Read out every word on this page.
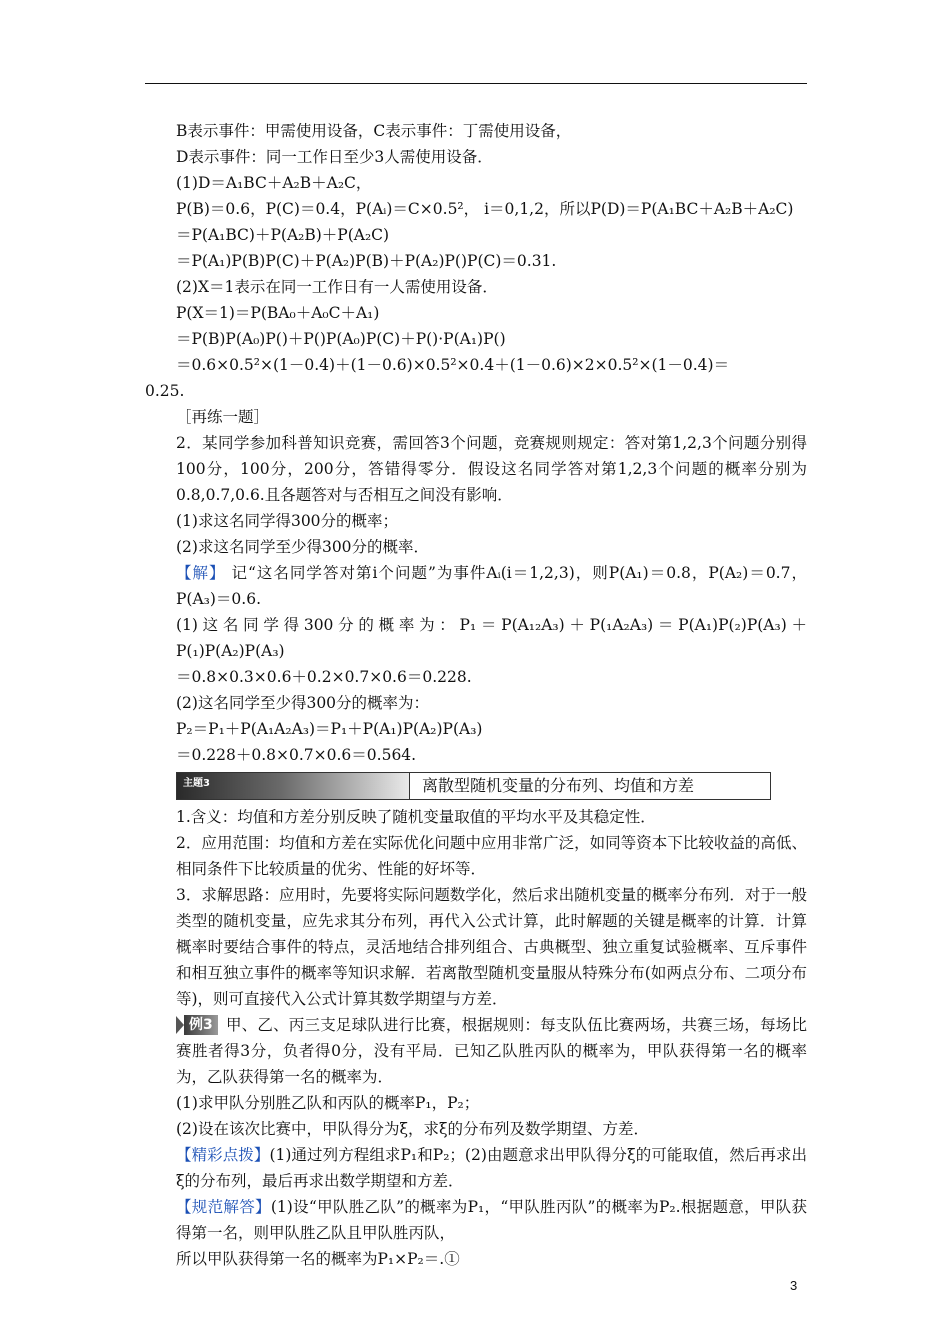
B表示事件：甲需使用设备，C表示事件：丁需使用设备，
D表示事件：同一工作日至少3人需使用设备．
(1)D＝A₁BC＋A₂B＋A₂C，
P(B)＝0.6，P(C)＝0.4，P(Aᵢ)＝C×0.5²， i＝0,1,2，所以P(D)＝P(A₁BC＋A₂B＋A₂C)
＝P(A₁BC)＋P(A₂B)＋P(A₂C)
＝P(A₁)P(B)P(C)＋P(A₂)P(B)＋P(A₂)P()P(C)＝0.31.
(2)X＝1表示在同一工作日有一人需使用设备．
P(X＝1)＝P(BA₀＋A₀C＋A₁)
＝P(B)P(A₀)P()＋P()P(A₀)P(C)＋P()·P(A₁)P()
＝0.6×0.5²×(1－0.4)＋(1－0.6)×0.5²×0.4＋(1－0.6)×2×0.5²×(1－0.4)＝
0.25.
［再练一题］
2．某同学参加科普知识竞赛，需回答3个问题，竞赛规则规定：答对第1,2,3个问题分别得100分，100分，200分，答错得零分．假设这名同学答对第1,2,3个问题的概率分别为0.8,0.7,0.6.且各题答对与否相互之间没有影响．
(1)求这名同学得300分的概率；
(2)求这名同学至少得300分的概率．
【解】 记“这名同学答对第i个问题”为事件Aᵢ(i＝1,2,3)，则P(A₁)＝0.8，P(A₂)＝0.7，P(A₃)＝0.6.
(1)这名同学得300分的概率为：P₁＝P(A₁₂A₃)＋P(₁A₂A₃)＝P(A₁)P(₂)P(A₃)＋P(₁)P(A₂)P(A₃)
＝0.8×0.3×0.6＋0.2×0.7×0.6＝0.228.
(2)这名同学至少得300分的概率为：
P₂＝P₁＋P(A₁A₂A₃)＝P₁＋P(A₁)P(A₂)P(A₃)
＝0.228＋0.8×0.7×0.6＝0.564.
主题3	离散型随机变量的分布列、均值和方差
1.含义：均值和方差分别反映了随机变量取值的平均水平及其稳定性．
2．应用范围：均值和方差在实际优化问题中应用非常广泛，如同等资本下比较收益的高低、相同条件下比较质量的优劣、性能的好坏等．
3．求解思路：应用时，先要将实际问题数学化，然后求出随机变量的概率分布列．对于一般类型的随机变量，应先求其分布列，再代入公式计算，此时解题的关键是概率的计算．计算概率时要结合事件的特点，灵活地结合排列组合、古典概型、独立重复试验概率、互斥事件和相互独立事件的概率等知识求解．若离散型随机变量服从特殊分布(如两点分布、二项分布等)，则可直接代入公式计算其数学期望与方差．
例3 甲、乙、丙三支足球队进行比赛，根据规则：每支队伍比赛两场，共赛三场，每场比赛胜者得3分，负者得0分，没有平局．已知乙队胜丙队的概率为，甲队获得第一名的概率为，乙队获得第一名的概率为．
(1)求甲队分别胜乙队和丙队的概率P₁，P₂；
(2)设在该次比赛中，甲队得分为ξ，求ξ的分布列及数学期望、方差．
【精彩点拨】(1)通过列方程组求P₁和P₂；(2)由题意求出甲队得分ξ的可能取值，然后再求出ξ的分布列，最后再求出数学期望和方差．
【规范解答】(1)设“甲队胜乙队”的概率为P₁，“甲队胜丙队”的概率为P₂.根据题意，甲队获得第一名，则甲队胜乙队且甲队胜丙队，
所以甲队获得第一名的概率为P₁×P₂＝.①
3
